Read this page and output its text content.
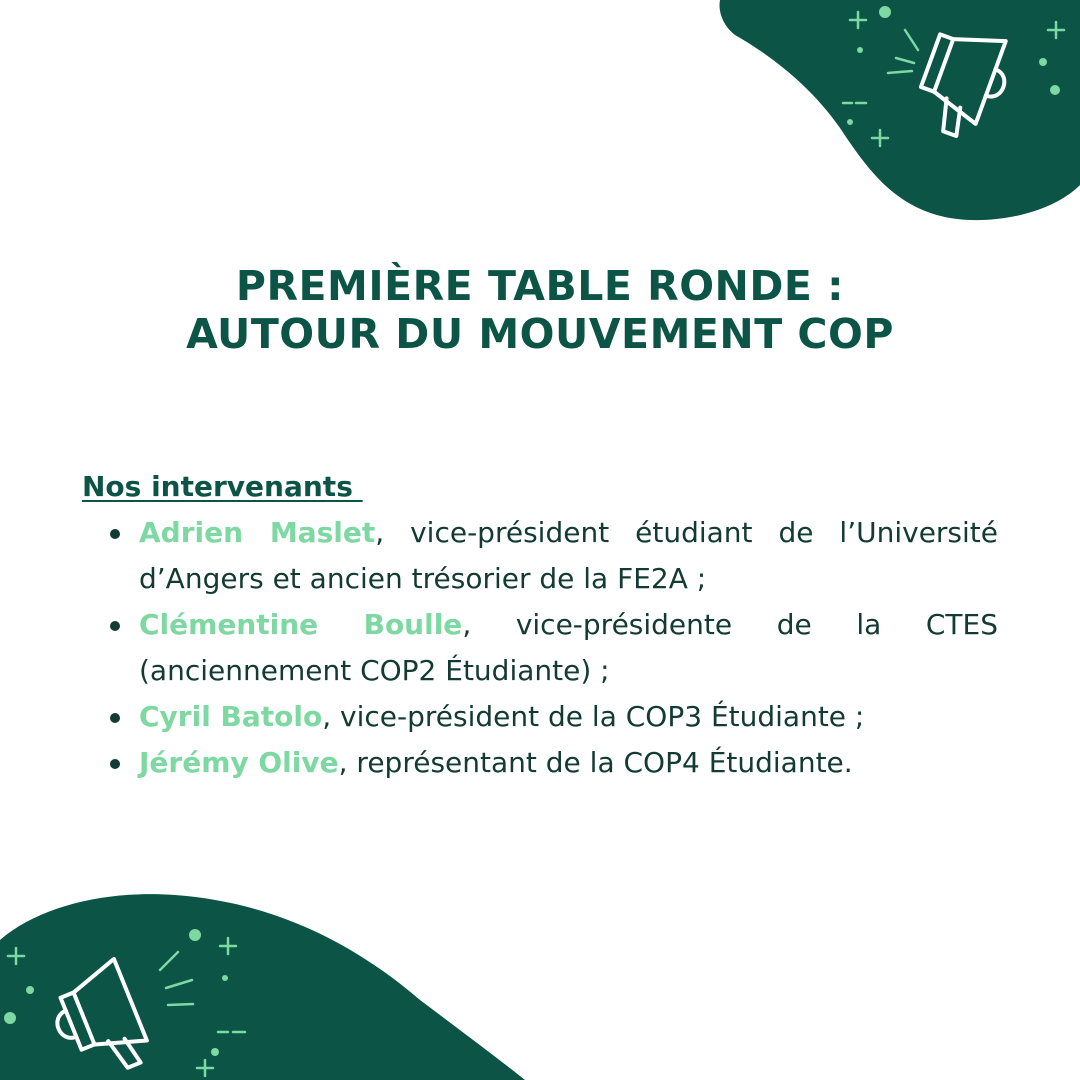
PREMIÈRE TABLE RONDE :
AUTOUR DU MOUVEMENT COP
Nos intervenants
Adrien Maslet, vice-président étudiant de l’Université d’Angers et ancien trésorier de la FE2A ;
Clémentine Boulle, vice-présidente de la CTES (anciennement COP2 Étudiante) ;
Cyril Batolo, vice-président de la COP3 Étudiante ;
Jérémy Olive, représentant de la COP4 Étudiante.
